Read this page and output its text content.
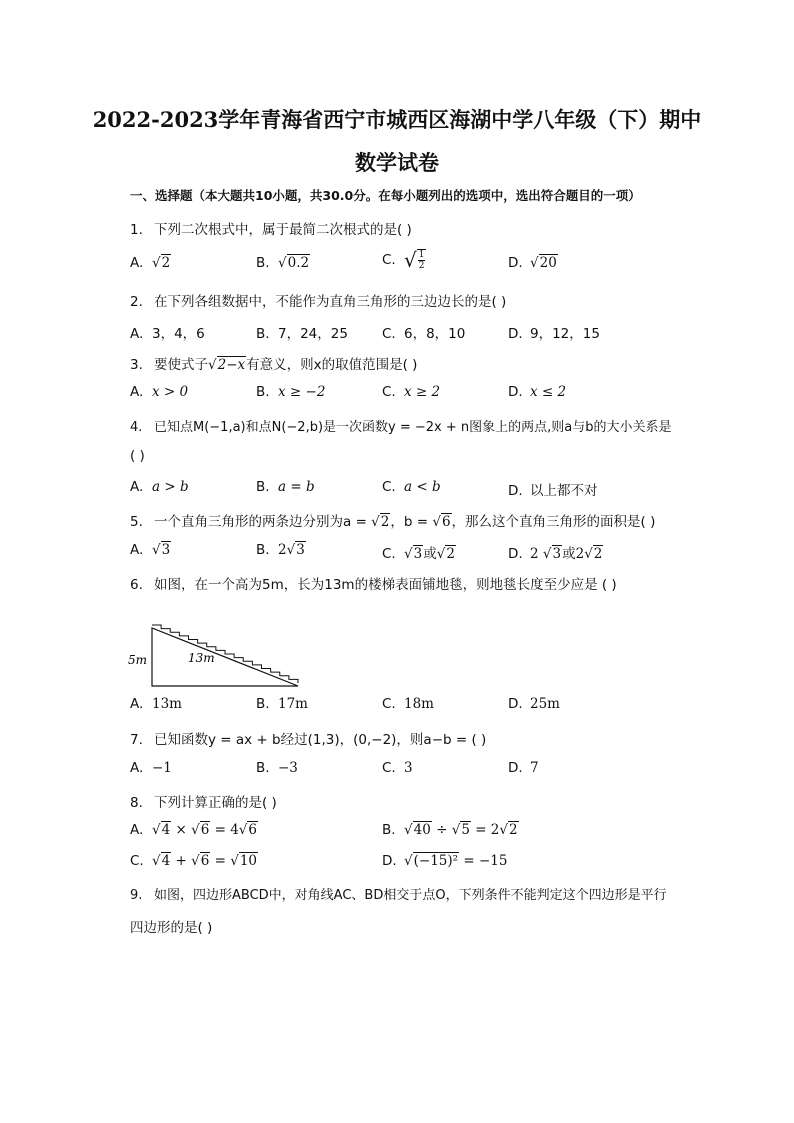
2022-2023学年青海省西宁市城西区海湖中学八年级（下）期中
数学试卷
一、选择题（本大题共10小题，共30.0分。在每小题列出的选项中，选出符合题目的一项）
1. 下列二次根式中，属于最简二次根式的是( )
A. √2	B. √0.2	C. √ $\frac{1}{2}$	D. √20
2. 在下列各组数据中，不能作为直角三角形的三边边长的是( )
A. 3，4，6	B. 7，24，25	C. 6，8，10	D. 9，12，15
3. 要使式子√2−x有意义，则x的取值范围是( )
A. x > 0	B. x ≥ −2	C. x ≥ 2	D. x ≤ 2
4. 已知点M(−1,a)和点N(−2,b)是一次函数y = −2x + n图象上的两点,则a与b的大小关系是
( )
A. a > b	B. a = b	C. a < b	D. 以上都不对
5. 一个直角三角形的两条边分别为a = √2，b = √6，那么这个直角三角形的面积是( )
A. √3	B. 2√3	C. √3或√2	D. 2 √3或2√2
6. 如图，在一个高为5m，长为13m的楼梯表面铺地毯，则地毯长度至少应是 ( )
5m	13m
A. 13m	B. 17m	C. 18m	D. 25m
7. 已知函数y = ax + b经过(1,3)，(0,−2)，则a−b = ( )
A. −1	B. −3	C. 3	D. 7
8. 下列计算正确的是( )
A. √4 × √6 = 4√6	B. √40 ÷ √5 = 2√2
C. √4 + √6 = √10	D. √(−15)² = −15
9. 如图，四边形ABCD中，对角线AC、BD相交于点O，下列条件不能判定这个四边形是平行
四边形的是( )
